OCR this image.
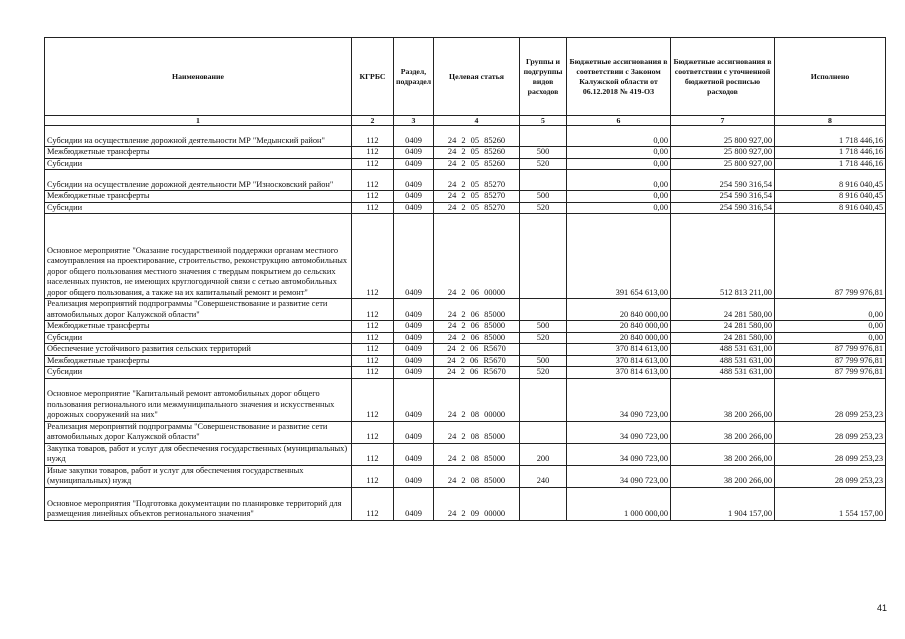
Наименование	КГРБС	Раздел, подраздел	Целевая статья	Группы и подгруппы видов расходов	Бюджетные ассигнования в соответствии с Законом Калужской области от 06.12.2018 № 419-ОЗ	Бюджетные ассигнования в соответствии с уточненной бюджетной росписью расходов	Исполнено
1	2	3	4	5	6	7	8
Субсидии на осуществление дорожной деятельности МР "Медынский район"	112	0409	24 2 05 85260		0,00	25 800 927,00	1 718 446,16
Межбюджетные трансферты	112	0409	24 2 05 85260	500	0,00	25 800 927,00	1 718 446,16
Субсидии	112	0409	24 2 05 85260	520	0,00	25 800 927,00	1 718 446,16
Субсидии на осуществление дорожной деятельности МР "Износковский район"	112	0409	24 2 05 85270		0,00	254 590 316,54	8 916 040,45
Межбюджетные трансферты	112	0409	24 2 05 85270	500	0,00	254 590 316,54	8 916 040,45
Субсидии	112	0409	24 2 05 85270	520	0,00	254 590 316,54	8 916 040,45
Основное мероприятие "Оказание государственной поддержки органам местного самоуправления на проектирование, строительство, реконструкцию автомобильных дорог общего пользования местного значения с твердым покрытием до сельских населенных пунктов, не имеющих круглогодичной связи с сетью автомобильных дорог общего пользования, а также на их капитальный ремонт и ремонт"	112	0409	24 2 06 00000		391 654 613,00	512 813 211,00	87 799 976,81
Реализация мероприятий подпрограммы "Совершенствование и развитие сети автомобильных дорог Калужской области"	112	0409	24 2 06 85000		20 840 000,00	24 281 580,00	0,00
Межбюджетные трансферты	112	0409	24 2 06 85000	500	20 840 000,00	24 281 580,00	0,00
Субсидии	112	0409	24 2 06 85000	520	20 840 000,00	24 281 580,00	0,00
Обеспечение устойчивого развития сельских территорий	112	0409	24 2 06 R5670		370 814 613,00	488 531 631,00	87 799 976,81
Межбюджетные трансферты	112	0409	24 2 06 R5670	500	370 814 613,00	488 531 631,00	87 799 976,81
Субсидии	112	0409	24 2 06 R5670	520	370 814 613,00	488 531 631,00	87 799 976,81
Основное мероприятие "Капитальный ремонт автомобильных дорог общего пользования регионального или межмуниципального значения и искусственных дорожных сооружений на них"	112	0409	24 2 08 00000		34 090 723,00	38 200 266,00	28 099 253,23
Реализация мероприятий подпрограммы "Совершенствование и развитие сети автомобильных дорог Калужской области"	112	0409	24 2 08 85000		34 090 723,00	38 200 266,00	28 099 253,23
Закупка товаров, работ и услуг для обеспечения государственных (муниципальных) нужд	112	0409	24 2 08 85000	200	34 090 723,00	38 200 266,00	28 099 253,23
Иные закупки товаров, работ и услуг для обеспечения государственных (муниципальных) нужд	112	0409	24 2 08 85000	240	34 090 723,00	38 200 266,00	28 099 253,23
Основное мероприятия "Подготовка документации по планировке территорий для размещения линейных объектов регионального значения"	112	0409	24 2 09 00000		1 000 000,00	1 904 157,00	1 554 157,00
41
